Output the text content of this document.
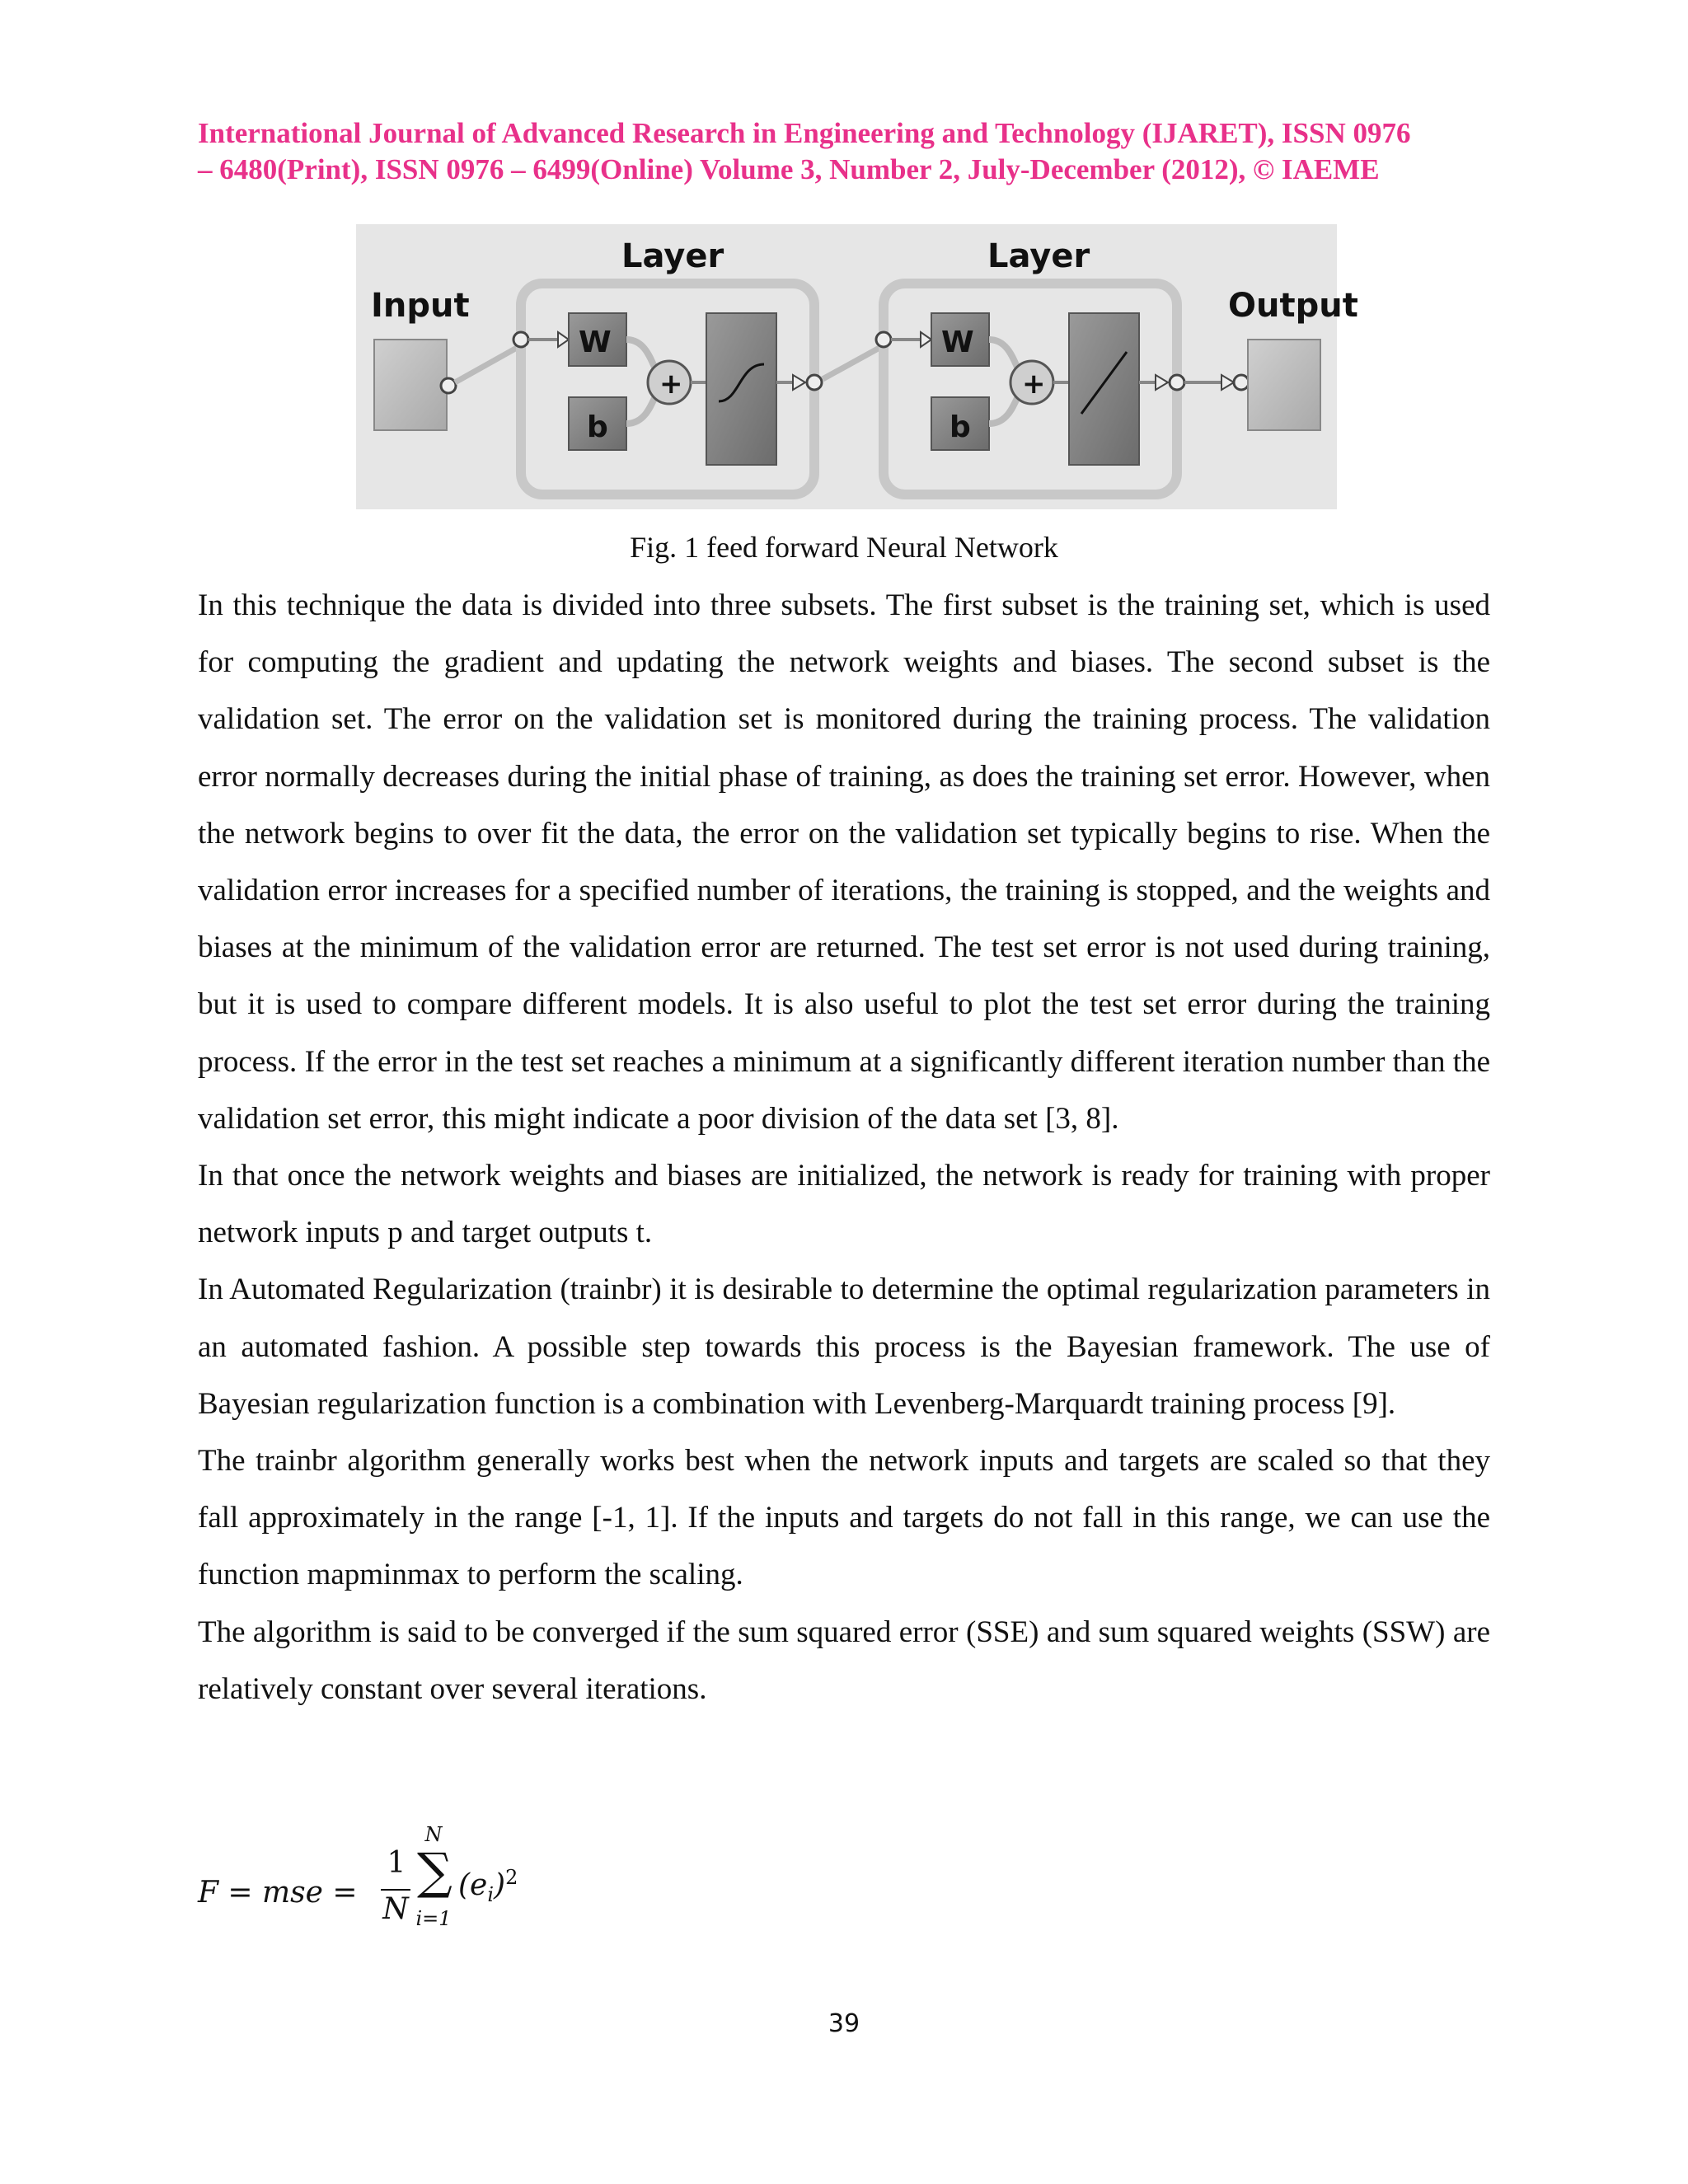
International Journal of Advanced Research in Engineering and Technology (IJARET), ISSN 0976
– 6480(Print), ISSN 0976 – 6499(Online) Volume 3, Number 2, July-December (2012), © IAEME
Input	Output
Layer	Layer
W
b
+
W
b
+
Fig. 1 feed forward Neural Network

In this technique the data is divided into three subsets. The first subset is the training set, which is used for computing the gradient and updating the network weights and biases. The second subset is the validation set. The error on the validation set is monitored during the training process. The validation error normally decreases during the initial phase of training, as does the training set error. However, when the network begins to over fit the data, the error on the validation set typically begins to rise. When the validation error increases for a specified number of iterations, the training is stopped, and the weights and biases at the minimum of the validation error are returned. The test set error is not used during training, but it is used to compare different models. It is also useful to plot the test set error during the training process. If the error in the test set reaches a minimum at a significantly different iteration number than the validation set error, this might indicate a poor division of the data set [3, 8].

In that once the network weights and biases are initialized, the network is ready for training with proper network inputs p and target outputs t.

In Automated Regularization (trainbr) it is desirable to determine the optimal regularization parameters in an automated fashion. A possible step towards this process is the Bayesian framework. The use of Bayesian regularization function is a combination with Levenberg-Marquardt training process [9].

The trainbr algorithm generally works best when the network inputs and targets are scaled so that they fall approximately in the range [-1, 1]. If the inputs and targets do not fall in this range, we can use the function mapminmax to perform the scaling.

The algorithm is said to be converged if the sum squared error (SSE) and sum squared weights (SSW) are relatively constant over several iterations.

F = mse =
1
N
N
∑
i=1
$(e_i)^2$
39
